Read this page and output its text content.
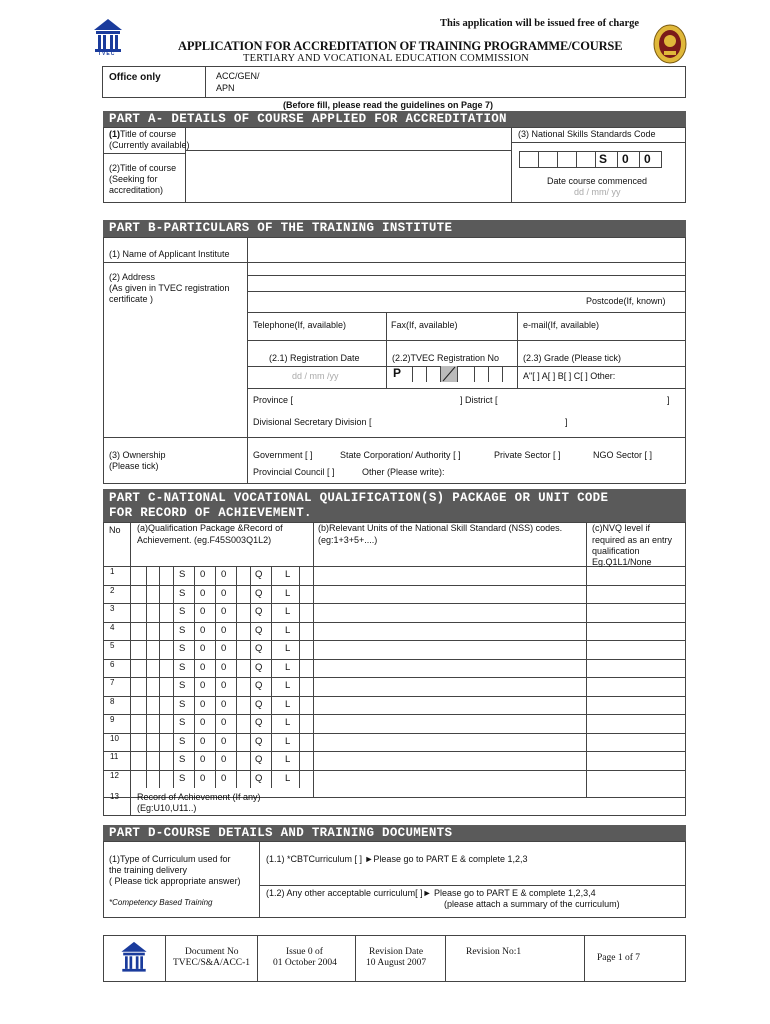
TVEC
This application will be issued free of charge
APPLICATION FOR ACCREDITATION OF TRAINING PROGRAMME/COURSE
TERTIARY AND VOCATIONAL EDUCATION COMMISSION
Office only	ACC/GEN/
APN
(Before fill, please read the guidelines on Page 7)
PART A- DETAILS OF COURSE APPLIED FOR ACCREDITATION
(1)Title of course
(Currently available)
(3) National Skills Standards Code
S 0 0
Date course commenced
dd / mm/ yy
(2)Title of course
(Seeking for
accreditation)
PART B-PARTICULARS OF THE TRAINING INSTITUTE
(1) Name of Applicant Institute
(2) Address
(As given in TVEC registration
certificate )	Postcode(If, known)
Telephone(If, available)	Fax(If, available)	e-mail(If, available)
(2.1) Registration Date	(2.2)TVEC Registration No	(2.3) Grade (Please tick)
dd / mm /yy	P	A"[ ] A[ ] B[ ] C[ ] Other:
Province [	] District [	]
Divisional Secretary Division [	]
(3) Ownership
(Please tick)
Government [ ]	State Corporation/ Authority [ ]	Private Sector [ ]	NGO Sector [ ]
Provincial Council [ ]	Other (Please write):
PART C-NATIONAL VOCATIONAL QUALIFICATION(S) PACKAGE OR UNIT CODE
FOR RECORD OF ACHIEVEMENT.
No (a)Qualification Package &Record of
Achievement. (eg.F45S003Q1L2)
(b)Relevant Units of the National Skill Standard (NSS) codes.
(eg:1+3+5+....)
(c)NVQ level if
required as an entry
qualification
Eg.Q1L1/None
1	S 0 0	Q L
2	S 0 0	Q L
3	S 0 0	Q L
4	S 0 0	Q L
5	S 0 0	Q L
6	S 0 0	Q L
7	S 0 0	Q L
8	S 0 0	Q L
9	S 0 0	Q L
10	S 0 0	Q L
11	S 0 0	Q L
12	S 0 0	Q L
13 Record of Achievement (If any)
(Eg:U10,U11..)
PART D-COURSE DETAILS AND TRAINING DOCUMENTS
(1)Type of Curriculum used for
the training delivery
( Please tick appropriate answer)
*Competency Based Training
(1.1) *CBTCurriculum [ ] ►Please go to PART E & complete 1,2,3
(1.2) Any other acceptable curriculum[ ]► Please go to PART E & complete 1,2,3,4
(please attach a summary of the curriculum)
Document No
TVEC/S&A/ACC-1
Issue 0 of
01 October 2004
Revision Date
10 August 2007
Revision No:1
Page 1 of 7
